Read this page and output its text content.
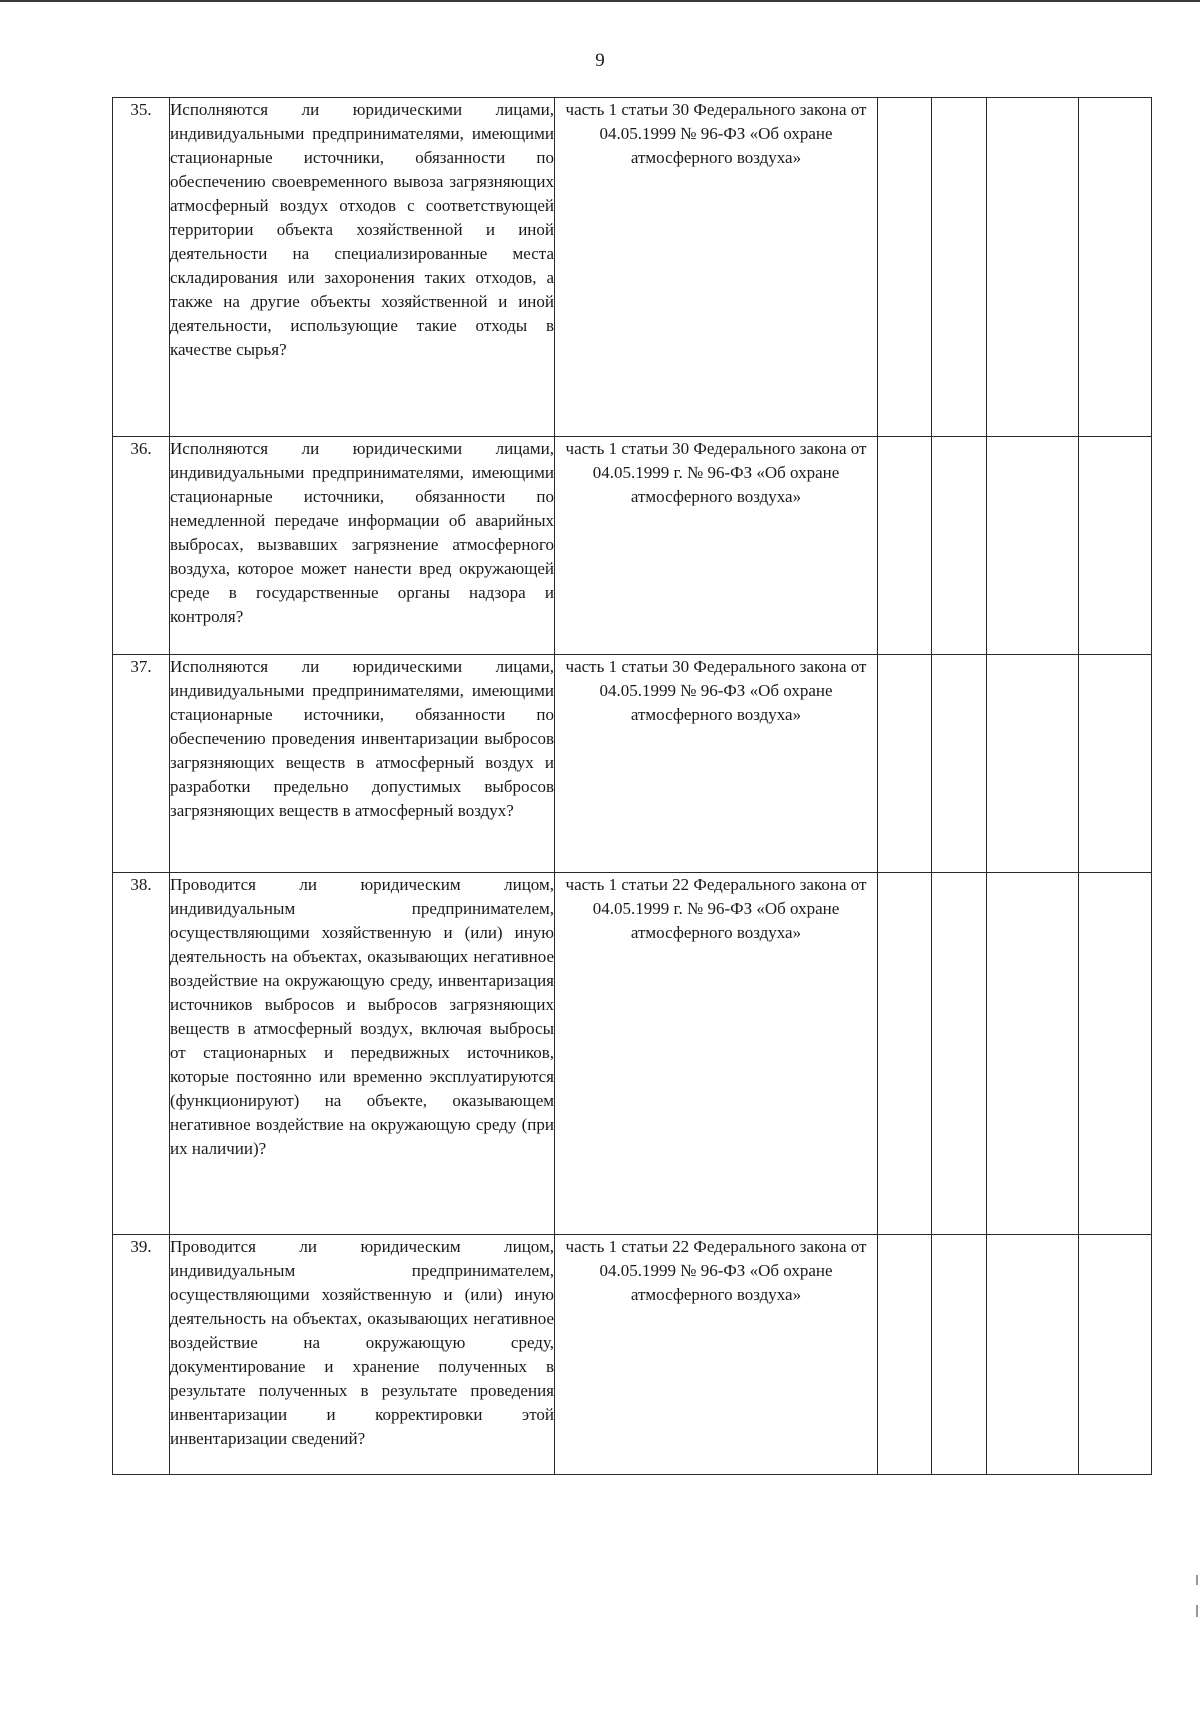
9
35.	Исполняются ли юридическими лицами, индивидуальными предпринимателями, имеющими стационарные источники, обязанности по обеспечению своевременного вывоза загрязняющих атмосферный воздух отходов с соответствующей территории объекта хозяйственной и иной деятельности на специализированные места складирования или захоронения таких отходов, а также на другие объекты хозяйственной и иной деятельности, использующие такие отходы в качестве сырья?	часть 1 статьи 30 Федерального закона от 04.05.1999 № 96-ФЗ «Об охране атмосферного воздуха»				
36.	Исполняются ли юридическими лицами, индивидуальными предпринимателями, имеющими стационарные источники, обязанности по немедленной передаче информации об аварийных выбросах, вызвавших загрязнение атмосферного воздуха, которое может нанести вред окружающей среде в государственные органы надзора и контроля?	часть 1 статьи 30 Федерального закона от 04.05.1999 г. № 96-ФЗ «Об охране атмосферного воздуха»				
37.	Исполняются ли юридическими лицами, индивидуальными предпринимателями, имеющими стационарные источники, обязанности по обеспечению проведения инвентаризации выбросов загрязняющих веществ в атмосферный воздух и разработки предельно допустимых выбросов загрязняющих веществ в атмосферный воздух?	часть 1 статьи 30 Федерального закона от 04.05.1999 № 96-ФЗ «Об охране атмосферного воздуха»				
38.	Проводится ли юридическим лицом, индивидуальным предпринимателем, осуществляющими хозяйственную и (или) иную деятельность на объектах, оказывающих негативное воздействие на окружающую среду, инвентаризация источников выбросов и выбросов загрязняющих веществ в атмосферный воздух, включая выбросы от стационарных и передвижных источников, которые постоянно или временно эксплуатируются (функционируют) на объекте, оказывающем негативное воздействие на окружающую среду (при их наличии)?	часть 1 статьи 22 Федерального закона от 04.05.1999 г. № 96-ФЗ «Об охране атмосферного воздуха»				
39.	Проводится ли юридическим лицом, индивидуальным предпринимателем, осуществляющими хозяйственную и (или) иную деятельность на объектах, оказывающих негативное воздействие на окружающую среду, документирование и хранение полученных в результате полученных в результате проведения инвентаризации и корректировки этой инвентаризации сведений?	часть 1 статьи 22 Федерального закона от 04.05.1999 № 96-ФЗ «Об охране атмосферного воздуха»				
